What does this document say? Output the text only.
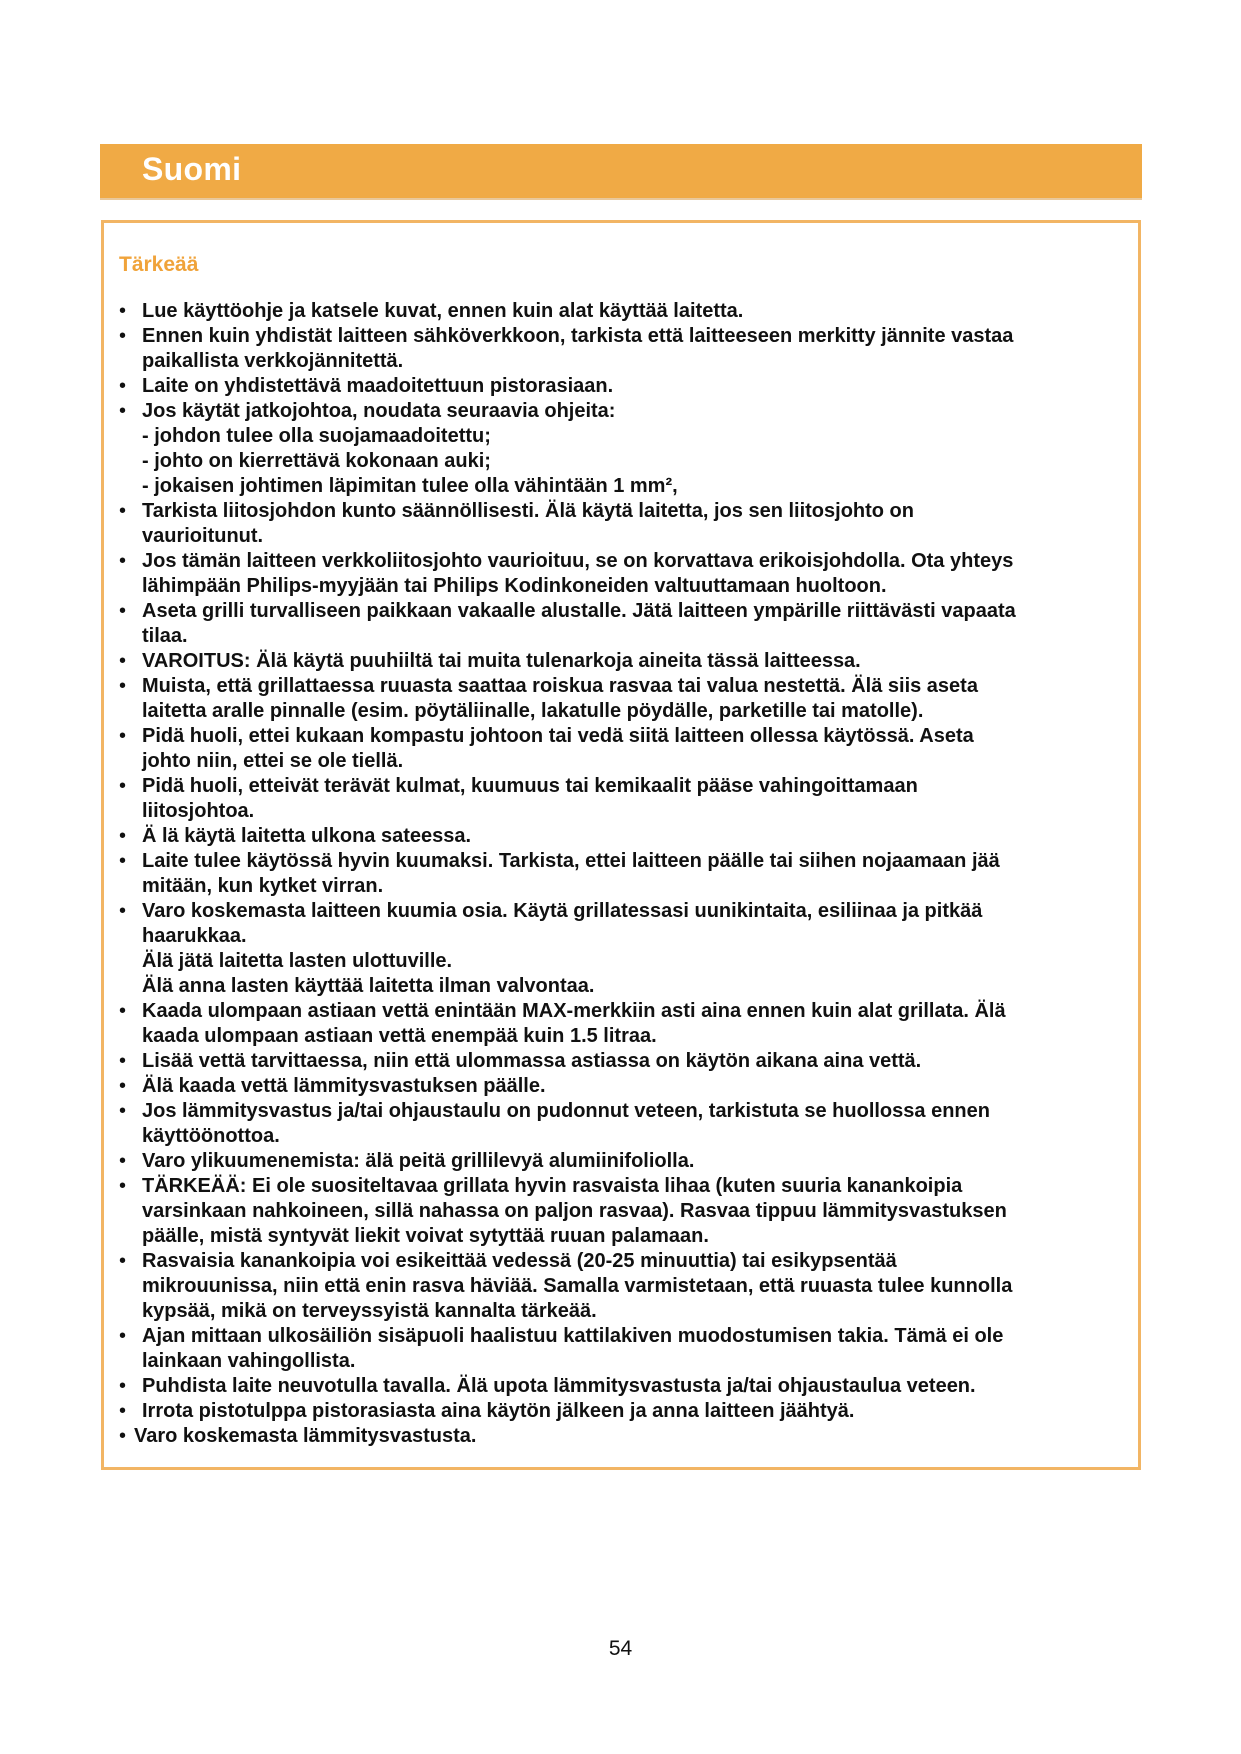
Suomi
Tärkeää
• Lue käyttöohje ja katsele kuvat, ennen kuin alat käyttää laitetta.
• Ennen kuin yhdistät laitteen sähköverkkoon, tarkista että laitteeseen merkitty jännite vastaa
paikallista verkkojännitettä.
• Laite on yhdistettävä maadoitettuun pistorasiaan.
• Jos käytät jatkojohtoa, noudata seuraavia ohjeita:
- johdon tulee olla suojamaadoitettu;
- johto on kierrettävä kokonaan auki;
- jokaisen johtimen läpimitan tulee olla vähintään 1 mm²,
• Tarkista liitosjohdon kunto säännöllisesti. Älä käytä laitetta, jos sen liitosjohto on
vaurioitunut.
• Jos tämän laitteen verkkoliitosjohto vaurioituu, se on korvattava erikoisjohdolla. Ota yhteys
lähimpään Philips-myyjään tai Philips Kodinkoneiden valtuuttamaan huoltoon.
• Aseta grilli turvalliseen paikkaan vakaalle alustalle. Jätä laitteen ympärille riittävästi vapaata
tilaa.
• VAROITUS: Älä käytä puuhiiltä tai muita tulenarkoja aineita tässä laitteessa.
• Muista, että grillattaessa ruuasta saattaa roiskua rasvaa tai valua nestettä. Älä siis aseta
laitetta aralle pinnalle (esim. pöytäliinalle, lakatulle pöydälle, parketille tai matolle).
• Pidä huoli, ettei kukaan kompastu johtoon tai vedä siitä laitteen ollessa käytössä. Aseta
johto niin, ettei se ole tiellä.
• Pidä huoli, etteivät terävät kulmat, kuumuus tai kemikaalit pääse vahingoittamaan
liitosjohtoa.
• Ä lä käytä laitetta ulkona sateessa.
• Laite tulee käytössä hyvin kuumaksi. Tarkista, ettei laitteen päälle tai siihen nojaamaan jää
mitään, kun kytket virran.
• Varo koskemasta laitteen kuumia osia. Käytä grillatessasi uunikintaita, esiliinaa ja pitkää
haarukkaa.
Älä jätä laitetta lasten ulottuville.
Älä anna lasten käyttää laitetta ilman valvontaa.
• Kaada ulompaan astiaan vettä enintään MAX-merkkiin asti aina ennen kuin alat grillata. Älä
kaada ulompaan astiaan vettä enempää kuin 1.5 litraa.
• Lisää vettä tarvittaessa, niin että ulommassa astiassa on käytön aikana aina vettä.
• Älä kaada vettä lämmitysvastuksen päälle.
• Jos lämmitysvastus ja/tai ohjaustaulu on pudonnut veteen, tarkistuta se huollossa ennen
käyttöönottoa.
• Varo ylikuumenemista: älä peitä grillilevyä alumiinifoliolla.
• TÄRKEÄÄ: Ei ole suositeltavaa grillata hyvin rasvaista lihaa (kuten suuria kanankoipia
varsinkaan nahkoineen, sillä nahassa on paljon rasvaa). Rasvaa tippuu lämmitysvastuksen
päälle, mistä syntyvät liekit voivat sytyttää ruuan palamaan.
• Rasvaisia kanankoipia voi esikeittää vedessä (20-25 minuuttia) tai esikypsentää
mikrouunissa, niin että enin rasva häviää. Samalla varmistetaan, että ruuasta tulee kunnolla
kypsää, mikä on terveyssyistä kannalta tärkeää.
• Ajan mittaan ulkosäiliön sisäpuoli haalistuu kattilakiven muodostumisen takia. Tämä ei ole
lainkaan vahingollista.
• Puhdista laite neuvotulla tavalla. Älä upota lämmitysvastusta ja/tai ohjaustaulua veteen.
• Irrota pistotulppa pistorasiasta aina käytön jälkeen ja anna laitteen jäähtyä.
• Varo koskemasta lämmitysvastusta.
54
